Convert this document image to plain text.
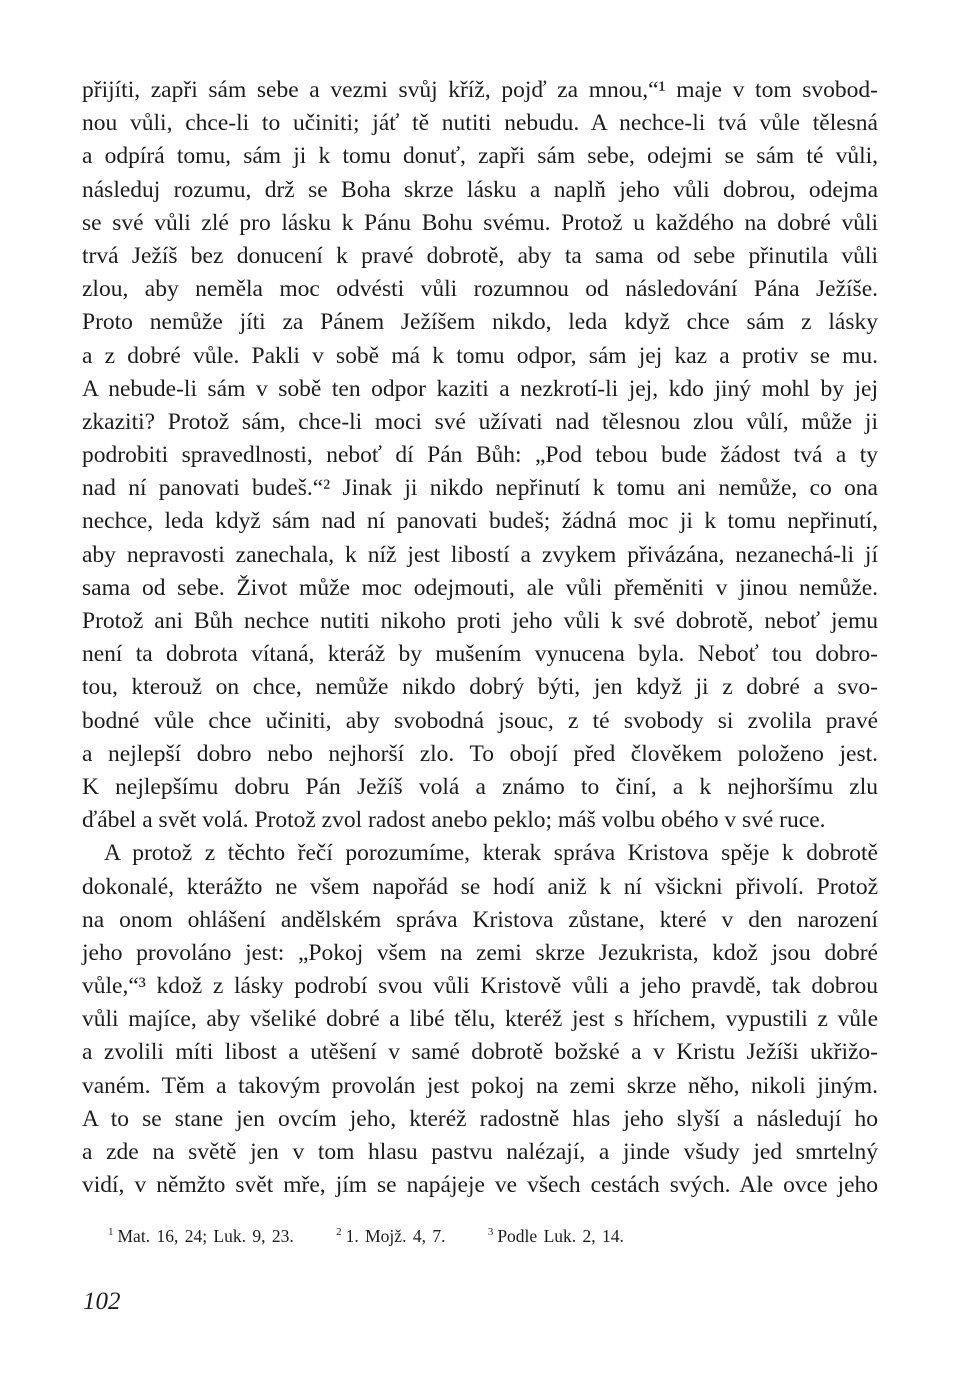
přijíti, zapři sám sebe a vezmi svůj kříž, pojď za mnou,“¹ maje v tom svobod-
nou vůli, chce-li to učiniti; jáť tě nutiti nebudu. A nechce-li tvá vůle tělesná
a odpírá tomu, sám ji k tomu donuť, zapři sám sebe, odejmi se sám té vůli,
následuj rozumu, drž se Boha skrze lásku a naplň jeho vůli dobrou, odejma
se své vůli zlé pro lásku k Pánu Bohu svému. Protož u každého na dobré vůli
trvá Ježíš bez donucení k pravé dobrotě, aby ta sama od sebe přinutila vůli
zlou, aby neměla moc odvésti vůli rozumnou od následování Pána Ježíše.
Proto nemůže jíti za Pánem Ježíšem nikdo, leda když chce sám z lásky
a z dobré vůle. Pakli v sobě má k tomu odpor, sám jej kaz a protiv se mu.
A nebude-li sám v sobě ten odpor kaziti a nezkrotí-li jej, kdo jiný mohl by jej
zkaziti? Protož sám, chce-li moci své užívati nad tělesnou zlou vůlí, může ji
podrobiti spravedlnosti, neboť dí Pán Bůh: „Pod tebou bude žádost tvá a ty
nad ní panovati budeš.“² Jinak ji nikdo nepřinutí k tomu ani nemůže, co ona
nechce, leda když sám nad ní panovati budeš; žádná moc ji k tomu nepřinutí,
aby nepravosti zanechala, k níž jest libostí a zvykem přivázána, nezanechá-li jí
sama od sebe. Život může moc odejmouti, ale vůli přeměniti v jinou nemůže.
Protož ani Bůh nechce nutiti nikoho proti jeho vůli k své dobrotě, neboť jemu
není ta dobrota vítaná, kteráž by mušením vynucena byla. Neboť tou dobro-
tou, kterouž on chce, nemůže nikdo dobrý býti, jen když ji z dobré a svo-
bodné vůle chce učiniti, aby svobodná jsouc, z té svobody si zvolila pravé
a nejlepší dobro nebo nejhorší zlo. To obojí před člověkem položeno jest.
K nejlepšímu dobru Pán Ježíš volá a známo to činí, a k nejhoršímu zlu
ďábel a svět volá. Protož zvol radost anebo peklo; máš volbu obého v své ruce.
A protož z těchto řečí porozumíme, kterak správa Kristova spěje k dobrotě
dokonalé, kterážto ne všem napořád se hodí aniž k ní všickni přivolí. Protož
na onom ohlášení andělském správa Kristova zůstane, které v den narození
jeho provoláno jest: „Pokoj všem na zemi skrze Jezukrista, kdož jsou dobré
vůle,“³ kdož z lásky podrobí svou vůli Kristově vůli a jeho pravdě, tak dobrou
vůli majíce, aby všeliké dobré a libé tělu, kteréž jest s hříchem, vypustili z vůle
a zvolili míti libost a utěšení v samé dobrotě božské a v Kristu Ježíši ukřižo-
vaném. Těm a takovým provolán jest pokoj na zemi skrze něho, nikoli jiným.
A to se stane jen ovcím jeho, kteréž radostně hlas jeho slyší a následují ho
a zde na světě jen v tom hlasu pastvu nalézají, a jinde všudy jed smrtelný
vidí, v němžto svět mře, jím se napájeje ve všech cestách svých. Ale ovce jeho
$^1$ Mat. 16, 24; Luk. 9, 23.	$^2$ 1. Mojž. 4, 7.	$^3$ Podle Luk. 2, 14.
102
